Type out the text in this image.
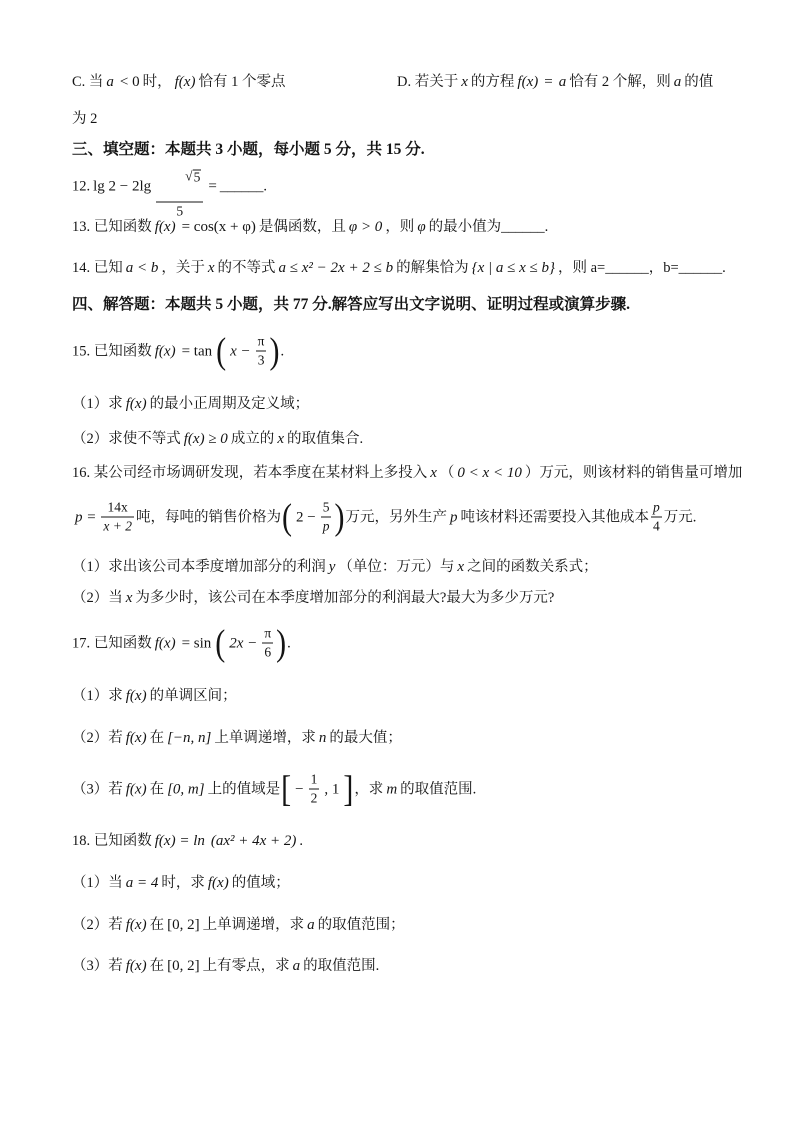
C. 当 a < 0 时， f(x) 恰有 1 个零点	D. 若关于 x 的方程 f(x) = a 恰有 2 个解，则 a 的值
为 2
三、填空题：本题共 3 小题，每小题 5 分，共 15 分.
12. lg 2 − 2lg

$\frac{√ 5}{5}$ = ______ .
13. 已知函数 f(x) = cos(x + φ) 是偶函数，且 φ > 0 ，则 φ 的最小值为 ______ .
14. 已知 a < b ，关于 x 的不等式 a ≤ x² − 2x + 2 ≤ b 的解集恰为 {x | a ≤ x ≤ b} ，则 a= ______ ，b= ______ .
四、解答题：本题共 5 小题，共 77 分.解答应写出文字说明、证明过程或演算步骤.
15. 已知函数 f(x) = tan ( $x - \frac{\pi}{3}$ ) .
（1）求 f(x) 的最小正周期及定义域；
（2）求使不等式 f(x) ≥ 0 成立的 x 的取值集合.
16. 某公司经市场调研发现，若本季度在某材料上多投入 x （ 0 < x < 10 ） 万元，则该材料的销售量可增加
$p = \frac{14x}{x + 2}$ 吨，每吨的销售价格为 ( $2 - \frac{5}{p}$ ) 万元，另外生产 p 吨该材料还需要投入其他成本 $\frac{p}{4}$ 万元.
（1）求出该公司本季度增加部分的利润 y （单位：万元）与 x 之间的函数关系式；
（2）当 x 为多少时，该公司在本季度增加部分的利润最大?最大为多少万元?
17. 已知函数 f(x) = sin ( $2x - \frac{\pi}{6}$ ) .
（1）求 f(x) 的单调区间；
（2）若 f(x) 在 [−n, n] 上单调递增，求 n 的最大值；
（3）若 f(x) 在 [0, m] 上的值域是 [ − $\frac{1}{2}$ , 1 ] ，求 m 的取值范围.
18. 已知函数 f(x) = ln (ax² + 4x + 2) .
（1）当 a = 4 时，求 f(x) 的值域；
（2）若 f(x) 在 [0, 2] 上单调递增，求 a 的取值范围；
（3）若 f(x) 在 [0, 2] 上有零点，求 a 的取值范围.
